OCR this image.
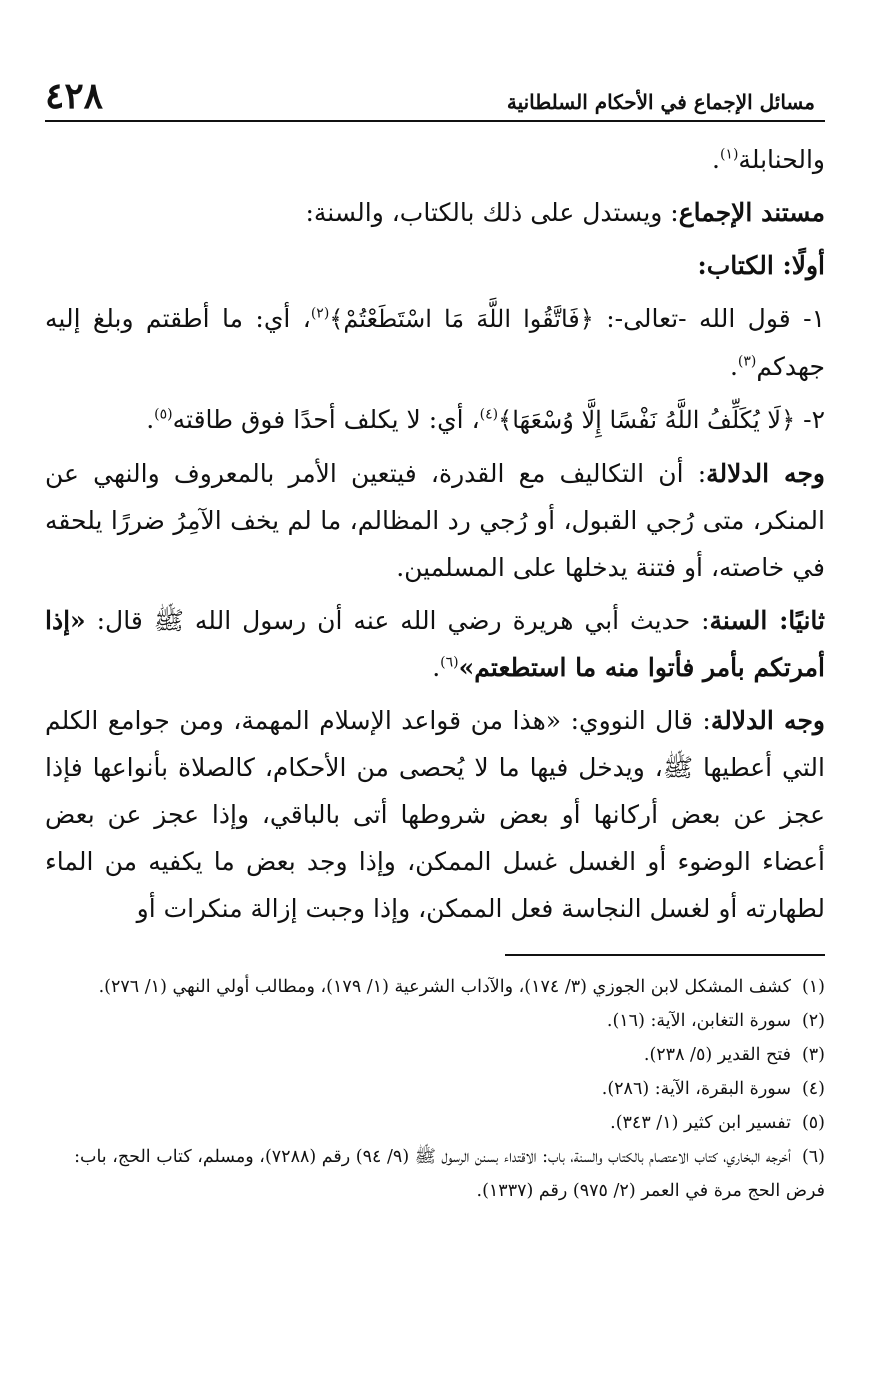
مسائل الإجماع في الأحكام السلطانية
٤٢٨

والحنابلة$^{(١)}$.

مستند الإجماع: ويستدل على ذلك بالكتاب، والسنة:

أولًا: الكتاب:

١- قول الله -تعالى-: ﴿فَاتَّقُوا اللَّهَ مَا اسْتَطَعْتُمْ﴾$^{(٢)}$، أي: ما أطقتم وبلغ إليه جهدكم$^{(٣)}$.

٢- ﴿لَا يُكَلِّفُ اللَّهُ نَفْسًا إِلَّا وُسْعَهَا﴾$^{(٤)}$، أي: لا يكلف أحدًا فوق طاقته$^{(٥)}$.

وجه الدلالة: أن التكاليف مع القدرة، فيتعين الأمر بالمعروف والنهي عن المنكر، متى رُجي القبول، أو رُجي رد المظالم، ما لم يخف الآمِرُ ضررًا يلحقه في خاصته، أو فتنة يدخلها على المسلمين.

ثانيًا: السنة: حديث أبي هريرة رضي الله عنه أن رسول الله ﷺ قال: «إذا أمرتكم بأمر فأتوا منه ما استطعتم»$^{(٦)}$.

وجه الدلالة: قال النووي: «هذا من قواعد الإسلام المهمة، ومن جوامع الكلم التي أعطيها ﷺ، ويدخل فيها ما لا يُحصى من الأحكام، كالصلاة بأنواعها فإذا عجز عن بعض أركانها أو بعض شروطها أتى بالباقي، وإذا عجز عن بعض أعضاء الوضوء أو الغسل غسل الممكن، وإذا وجد بعض ما يكفيه من الماء لطهارته أو لغسل النجاسة فعل الممكن، وإذا وجبت إزالة منكرات أو

(١)كشف المشكل لابن الجوزي (٣/ ١٧٤)، والآداب الشرعية (١/ ١٧٩)، ومطالب أولي النهي (١/ ٢٧٦).

(٢)سورة التغابن، الآية: (١٦).

(٣)فتح القدير (٥/ ٢٣٨).

(٤)سورة البقرة، الآية: (٢٨٦).

(٥)تفسير ابن كثير (١/ ٣٤٣).

(٦)أخرجه البخاري، كتاب الاعتصام بالكتاب والسنة، باب: الاقتداء بسنن الرسول ﷺ (٩/ ٩٤) رقم (٧٢٨٨)، ومسلم، كتاب الحج، باب: فرض الحج مرة في العمر (٢/ ٩٧٥) رقم (١٣٣٧).
